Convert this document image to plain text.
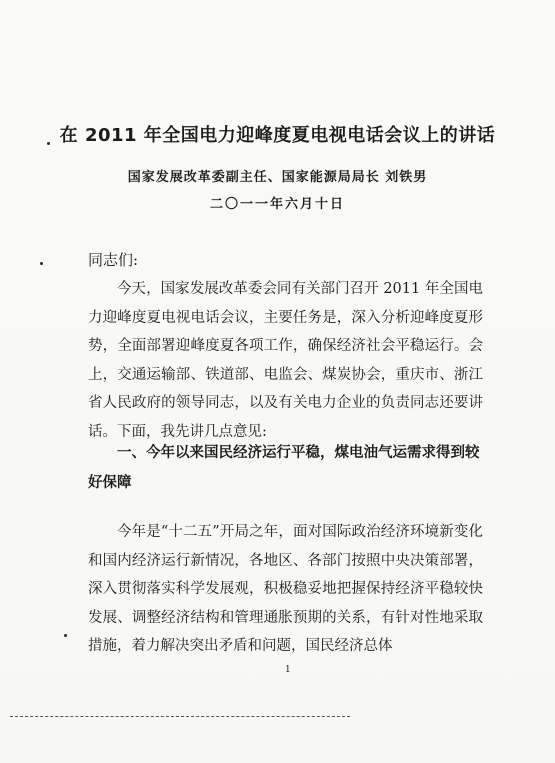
在 2011 年全国电力迎峰度夏电视电话会议上的讲话

国家发展改革委副主任、国家能源局局长 刘铁男

二〇一一年六月十日

同志们:

今天，国家发展改革委会同有关部门召开 2011 年全国电力迎峰度夏电视电话会议，主要任务是，深入分析迎峰度夏形势，全面部署迎峰度夏各项工作，确保经济社会平稳运行。会上，交通运输部、铁道部、电监会、煤炭协会，重庆市、浙江省人民政府的领导同志，以及有关电力企业的负责同志还要讲话。下面，我先讲几点意见:

一、今年以来国民经济运行平稳，煤电油气运需求得到较好保障

今年是“十二五”开局之年，面对国际政治经济环境新变化和国内经济运行新情况，各地区、各部门按照中央决策部署，深入贯彻落实科学发展观，积极稳妥地把握保持经济平稳较快发展、调整经济结构和管理通胀预期的关系，有针对性地采取措施，着力解决突出矛盾和问题，国民经济总体

1
